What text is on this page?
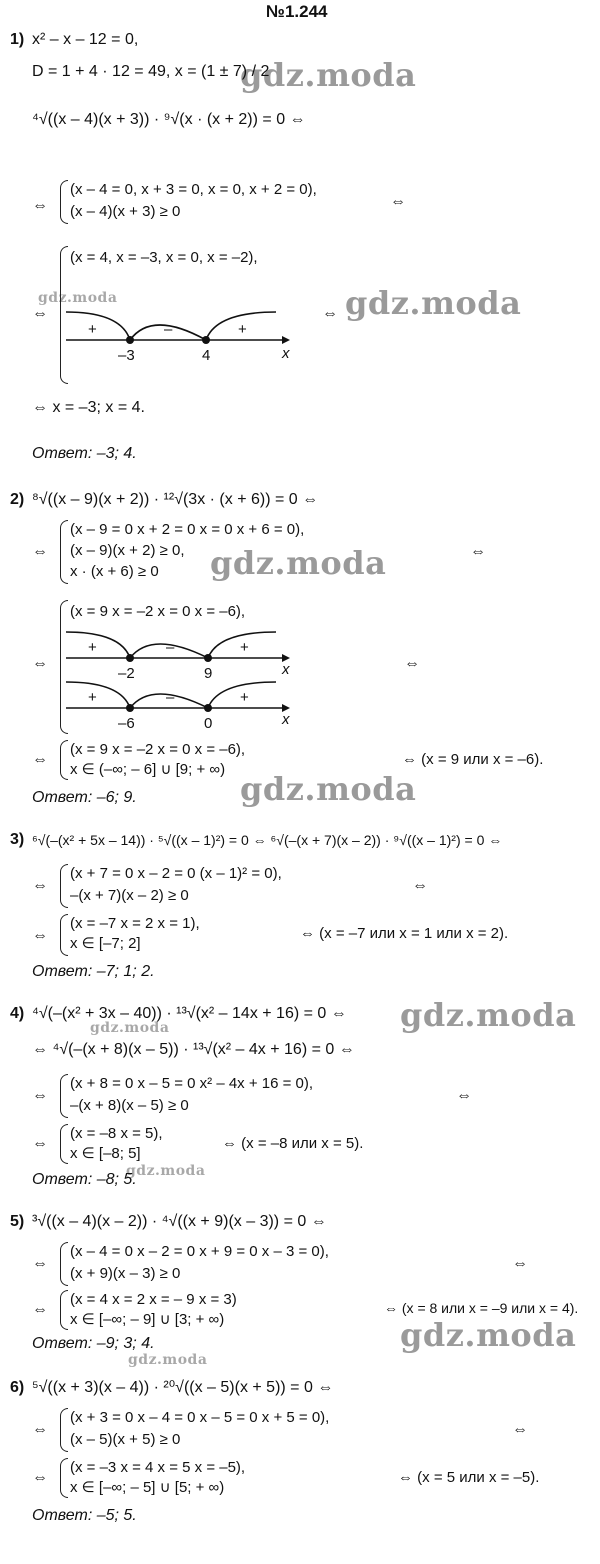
№1.244
gdz.moda
gdz.moda	gdz.moda
gdz.moda
gdz.moda
gdz.moda
gdz.moda
gdz.moda
gdz.moda
gdz.moda
1) x² – x – 12 = 0,
D = 1 + 4 · 12 = 49, x = (1 ± 7) / 2
⁴√((x – 4)(x + 3)) · ⁹√(x · (x + 2)) = 0 ⇔
⇔
(x – 4 = 0, x + 3 = 0, x = 0, x + 2 = 0),
(x – 4)(x + 3) ≥ 0
⇔
(x = 4, x = –3, x = 0, x = –2),
⇔	⇔
+	–	+
–3	4	x
⇔ x = –3; x = 4.
Ответ: –3; 4.
2) ⁸√((x – 9)(x + 2)) · ¹²√(3x · (x + 6)) = 0 ⇔
⇔
(x – 9 = 0 x + 2 = 0 x = 0 x + 6 = 0),
(x – 9)(x + 2) ≥ 0,
x · (x + 6) ≥ 0
⇔
⇔
(x = 9 x = –2 x = 0 x = –6),
⇔
+	–	+
–2	9	x
+	–	+
–6	0	x
⇔
(x = 9 x = –2 x = 0 x = –6),
x ∈ (–∞; – 6] ∪ [9; + ∞)
⇔ (x = 9 или x = –6).
Ответ: –6; 9.
3) ⁶√(–(x² + 5x – 14)) · ⁵√((x – 1)²) = 0 ⇔ ⁶√(–(x + 7)(x – 2)) · ⁹√((x – 1)²) = 0 ⇔
⇔
(x + 7 = 0 x – 2 = 0 (x – 1)² = 0),
–(x + 7)(x – 2) ≥ 0
⇔
⇔
(x = –7 x = 2 x = 1),
x ∈ [–7; 2]
⇔ (x = –7 или x = 1 или x = 2).
Ответ: –7; 1; 2.
4) ⁴√(–(x² + 3x – 40)) · ¹³√(x² – 14x + 16) = 0 ⇔
⇔ ⁴√(–(x + 8)(x – 5)) · ¹³√(x² – 4x + 16) = 0 ⇔
⇔
(x + 8 = 0 x – 5 = 0 x² – 4x + 16 = 0),
–(x + 8)(x – 5) ≥ 0
⇔
⇔
(x = –8 x = 5),
x ∈ [–8; 5]
⇔ (x = –8 или x = 5).
Ответ: –8; 5.
5) ³√((x – 4)(x – 2)) · ⁴√((x + 9)(x – 3)) = 0 ⇔
⇔
(x – 4 = 0 x – 2 = 0 x + 9 = 0 x – 3 = 0),
(x + 9)(x – 3) ≥ 0
⇔
⇔
(x = 4 x = 2 x = – 9 x = 3)
x ∈ [–∞; – 9] ∪ [3; + ∞)
⇔ (x = 8 или x = –9 или x = 4).
Ответ: –9; 3; 4.
6) ⁵√((x + 3)(x – 4)) · ²⁰√((x – 5)(x + 5)) = 0 ⇔
⇔
(x + 3 = 0 x – 4 = 0 x – 5 = 0 x + 5 = 0),
(x – 5)(x + 5) ≥ 0
⇔
⇔
(x = –3 x = 4 x = 5 x = –5),
x ∈ [–∞; – 5] ∪ [5; + ∞)
⇔ (x = 5 или x = –5).
Ответ: –5; 5.
